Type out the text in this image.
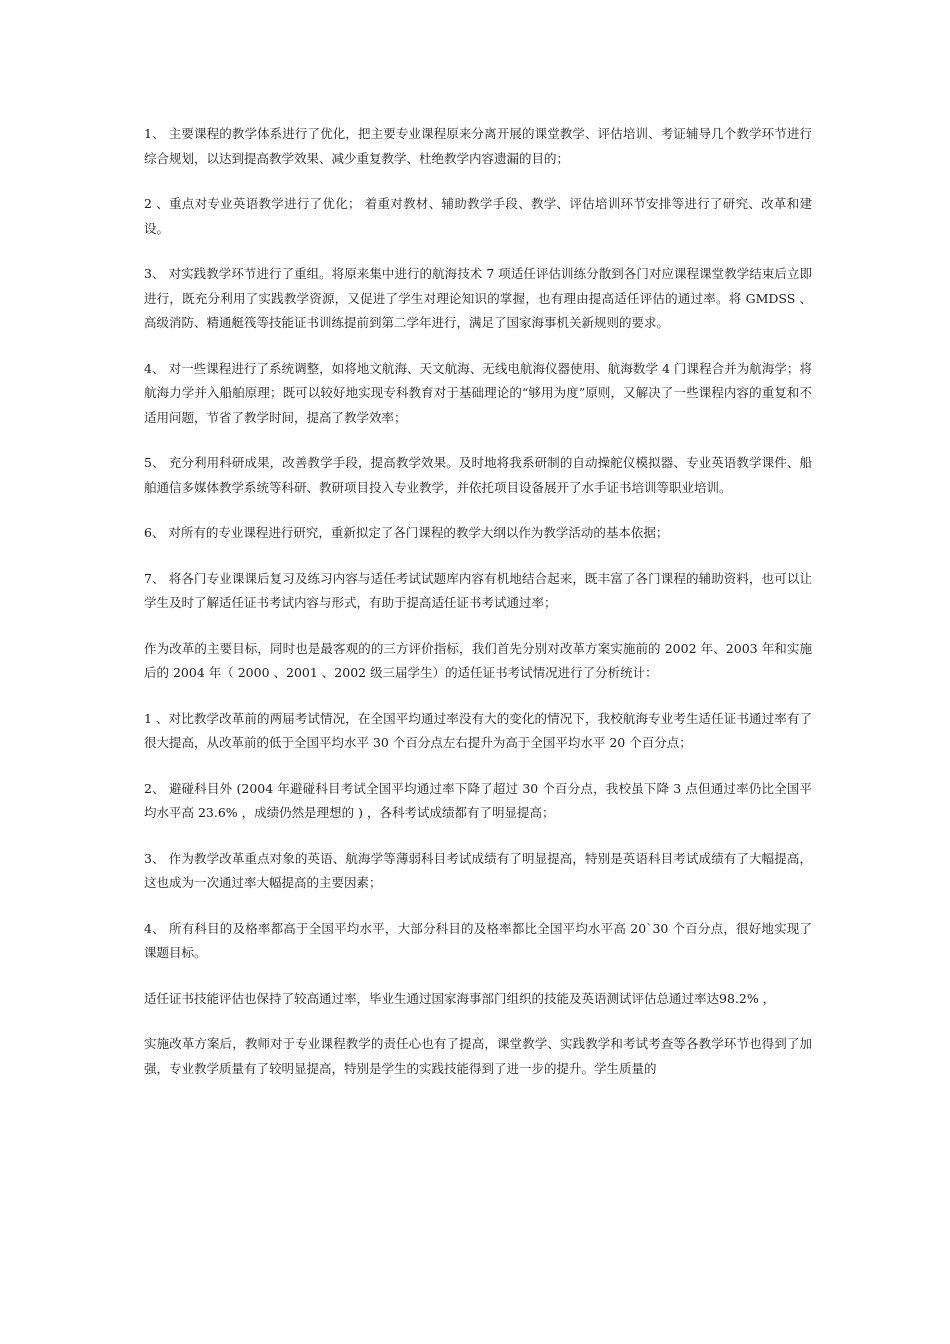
1、 主要课程的教学体系进行了优化，把主要专业课程原来分离开展的课堂教学、评估培训、考证辅导几个教学环节进行综合规划，以达到提高教学效果、减少重复教学、杜绝教学内容遗漏的目的；

2 、重点对专业英语教学进行了优化； 着重对教材、辅助教学手段、教学、评估培训环节安排等进行了研究、改革和建设。

3、 对实践教学环节进行了重组。将原来集中进行的航海技术 7 项适任评估训练分散到各门对应课程课堂教学结束后立即进行，既充分利用了实践教学资源，又促进了学生对理论知识的掌握，也有理由提高适任评估的通过率。将 GMDSS 、高级消防、精通艇筏等技能证书训练提前到第二学年进行，满足了国家海事机关新规则的要求。

4、 对一些课程进行了系统调整，如将地文航海、天文航海、无线电航海仪器使用、航海数学 4 门课程合并为航海学；将航海力学并入船舶原理；既可以较好地实现专科教育对于基础理论的“够用为度”原则，又解决了一些课程内容的重复和不适用问题，节省了教学时间，提高了教学效率；

5、 充分利用科研成果，改善教学手段，提高教学效果。及时地将我系研制的自动操舵仪模拟器、专业英语教学课件、船舶通信多媒体教学系统等科研、教研项目投入专业教学，并依托项目设备展开了水手证书培训等职业培训。

6、 对所有的专业课程进行研究，重新拟定了各门课程的教学大纲以作为教学活动的基本依据；

7、 将各门专业课课后复习及练习内容与适任考试试题库内容有机地结合起来，既丰富了各门课程的辅助资料，也可以让学生及时了解适任证书考试内容与形式，有助于提高适任证书考试通过率；

作为改革的主要目标，同时也是最客观的的三方评价指标，我们首先分别对改革方案实施前的 2002 年、2003 年和实施后的 2004 年（ 2000 、2001 、2002 级三届学生）的适任证书考试情况进行了分析统计：

1 、对比教学改革前的两届考试情况，在全国平均通过率没有大的变化的情况下，我校航海专业考生适任证书通过率有了很大提高，从改革前的低于全国平均水平 30 个百分点左右提升为高于全国平均水平 20 个百分点；

2、 避碰科目外 (2004 年避碰科目考试全国平均通过率下降了超过 30 个百分点，我校虽下降 3 点但通过率仍比全国平均水平高 23.6% ，成绩仍然是理想的 ) ，各科考试成绩都有了明显提高；

3、 作为教学改革重点对象的英语、航海学等薄弱科目考试成绩有了明显提高，特别是英语科目考试成绩有了大幅提高，这也成为一次通过率大幅提高的主要因素；

4、 所有科目的及格率都高于全国平均水平，大部分科目的及格率都比全国平均水平高 20`30 个百分点，很好地实现了课题目标。

适任证书技能评估也保持了较高通过率，毕业生通过国家海事部门组织的技能及英语测试评估总通过率达98.2% ，

实施改革方案后，教师对于专业课程教学的责任心也有了提高，课堂教学、实践教学和考试考查等各教学环节也得到了加强，专业教学质量有了较明显提高，特别是学生的实践技能得到了进一步的提升。学生质量的
